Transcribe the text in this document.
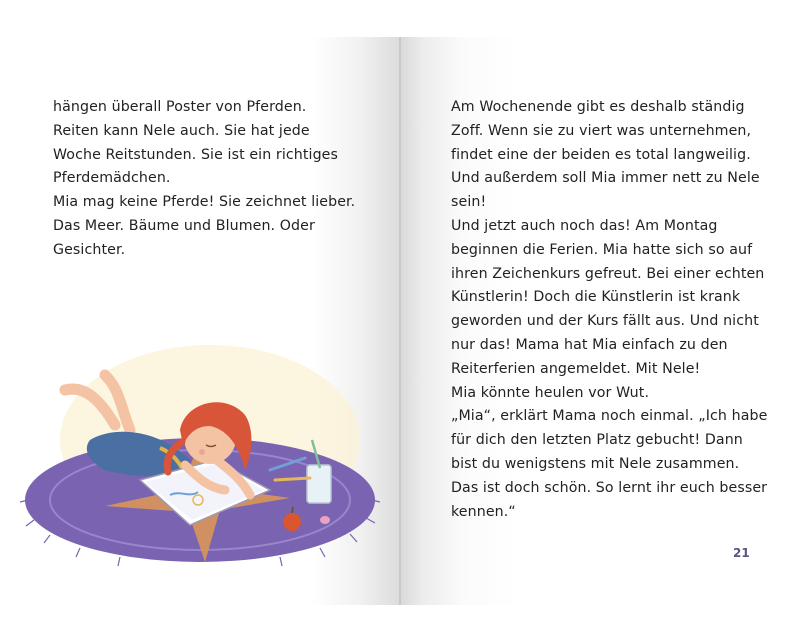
hängen überall Poster von Pferden.
Reiten kann Nele auch. Sie hat jede
Woche Reitstunden. Sie ist ein richtiges
Pferdemädchen.
Mia mag keine Pferde! Sie zeichnet lieber.
Das Meer. Bäume und Blumen. Oder
Gesichter.

Am Wochenende gibt es deshalb ständig
Zoff. Wenn sie zu viert was unternehmen,
findet eine der beiden es total langweilig.
Und außerdem soll Mia immer nett zu Nele
sein!
Und jetzt auch noch das! Am Montag
beginnen die Ferien. Mia hatte sich so auf
ihren Zeichenkurs gefreut. Bei einer echten
Künstlerin! Doch die Künstlerin ist krank
geworden und der Kurs fällt aus. Und nicht
nur das! Mama hat Mia einfach zu den
Reiterferien angemeldet. Mit Nele!
Mia könnte heulen vor Wut.
„Mia“, erklärt Mama noch einmal. „Ich habe
für dich den letzten Platz gebucht! Dann
bist du wenigstens mit Nele zusammen.
Das ist doch schön. So lernt ihr euch besser
kennen.“

21
